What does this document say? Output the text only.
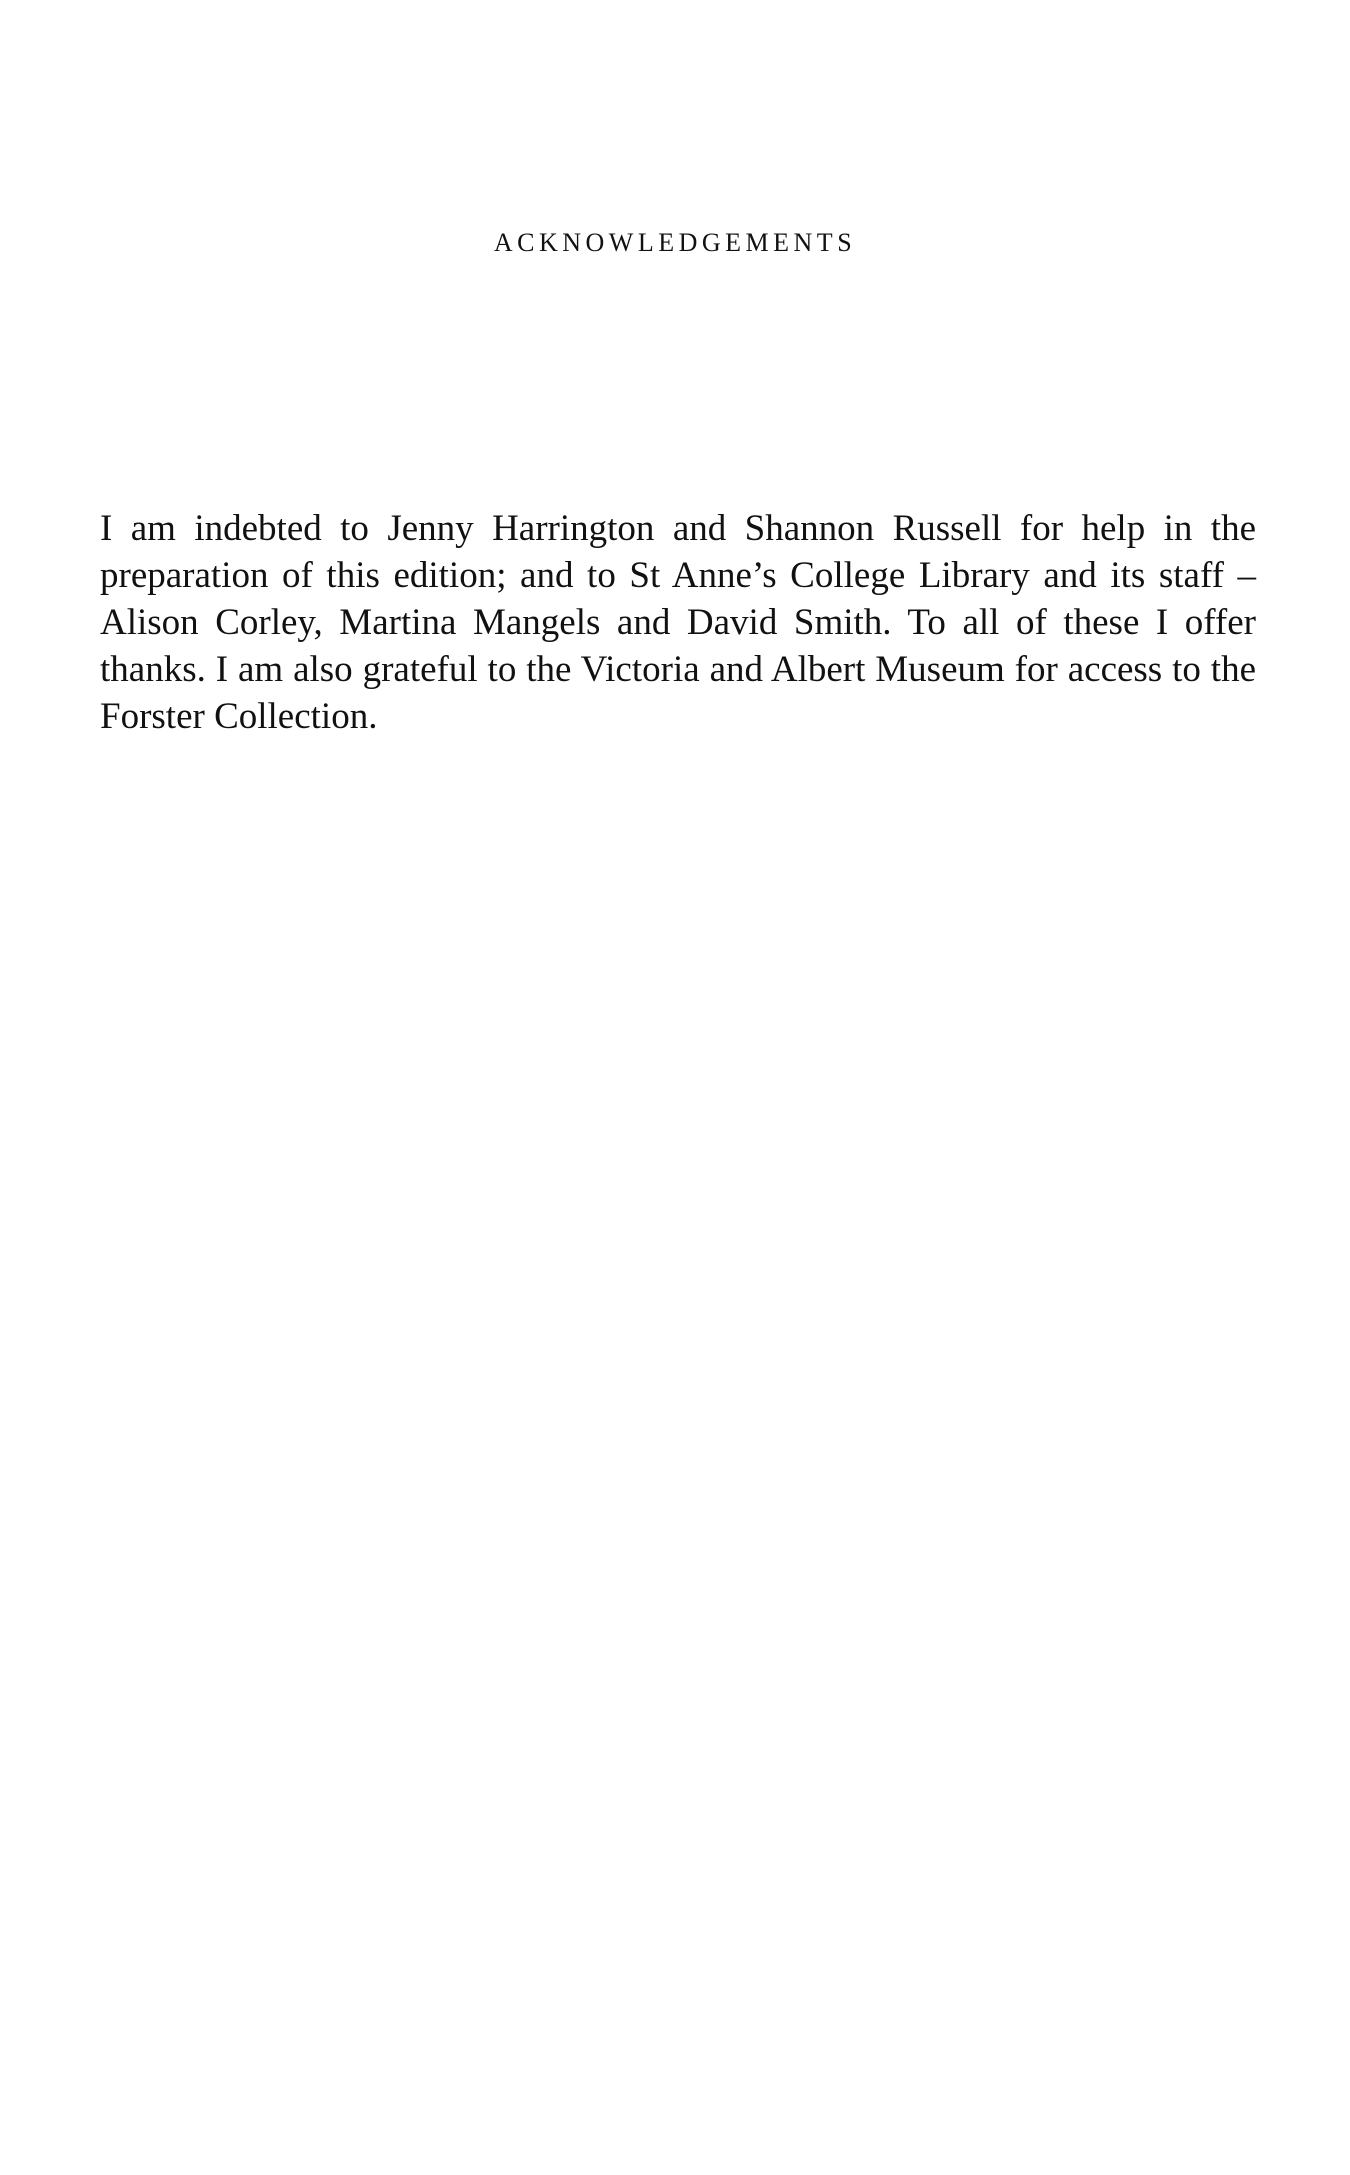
ACKNOWLEDGEMENTS

I am indebted to Jenny Harrington and Shannon Russell for help in the preparation of this edition; and to St Anne’s College Library and its staff – Alison Corley, Martina Mangels and David Smith. To all of these I offer thanks. I am also grateful to the Victoria and Albert Museum for access to the Forster Collection.
